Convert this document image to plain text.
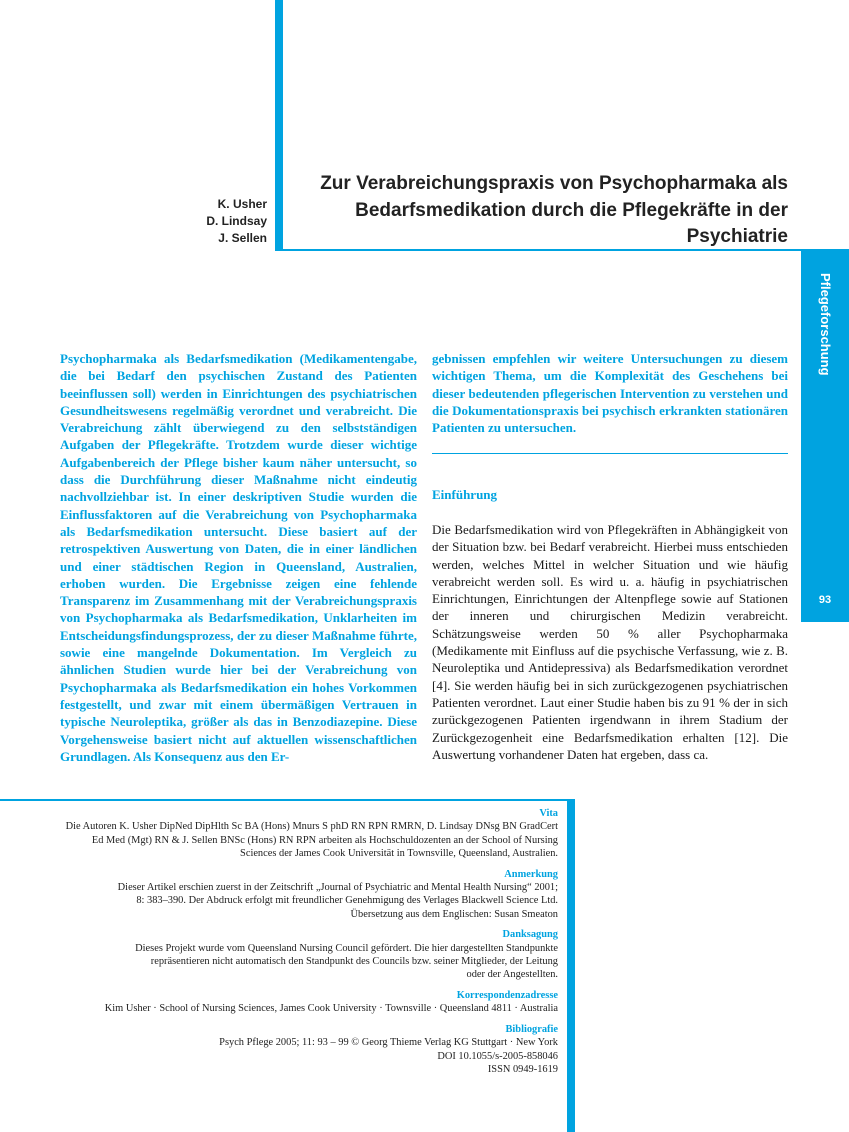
K. Usher
D. Lindsay
J. Sellen
Zur Verabreichungspraxis von Psychopharmaka als
Bedarfsmedikation durch die Pflegekräfte in der
Psychiatrie
Pflegeforschung
93
Psychopharmaka als Bedarfsmedikation (Medikamentengabe, die bei Bedarf den psychischen Zustand des Patienten beeinflussen soll) werden in Einrichtungen des psychiatrischen Gesundheitswesens regelmäßig verordnet und verabreicht. Die Verabreichung zählt überwiegend zu den selbstständigen Aufgaben der Pflegekräfte. Trotzdem wurde dieser wichtige Aufgabenbereich der Pflege bisher kaum näher untersucht, so dass die Durchführung dieser Maßnahme nicht eindeutig nachvollziehbar ist. In einer deskriptiven Studie wurden die Einflussfaktoren auf die Verabreichung von Psychopharmaka als Bedarfsmedikation untersucht. Diese basiert auf der retrospektiven Auswertung von Daten, die in einer ländlichen und einer städtischen Region in Queensland, Australien, erhoben wurden. Die Ergebnisse zeigen eine fehlende Transparenz im Zusammenhang mit der Verabreichungspraxis von Psychopharmaka als Bedarfsmedikation, Unklarheiten im Entscheidungsfindungsprozess, der zu dieser Maßnahme führte, sowie eine mangelnde Dokumentation. Im Vergleich zu ähnlichen Studien wurde hier bei der Verabreichung von Psychopharmaka als Bedarfsmedikation ein hohes Vorkommen festgestellt, und zwar mit einem übermäßigen Vertrauen in typische Neuroleptika, größer als das in Benzodiazepine. Diese Vorgehensweise basiert nicht auf aktuellen wissenschaftlichen Grundlagen. Als Konsequenz aus den Er-
gebnissen empfehlen wir weitere Untersuchungen zu diesem wichtigen Thema, um die Komplexität des Geschehens bei dieser bedeutenden pflegerischen Intervention zu verstehen und die Dokumentationspraxis bei psychisch erkrankten stationären Patienten zu untersuchen.
Einführung
Die Bedarfsmedikation wird von Pflegekräften in Abhängigkeit von der Situation bzw. bei Bedarf verabreicht. Hierbei muss entschieden werden, welches Mittel in welcher Situation und wie häufig verabreicht werden soll. Es wird u. a. häufig in psychiatrischen Einrichtungen, Einrichtungen der Altenpflege sowie auf Stationen der inneren und chirurgischen Medizin verabreicht. Schätzungsweise werden 50 % aller Psychopharmaka (Medikamente mit Einfluss auf die psychische Verfassung, wie z. B. Neuroleptika und Antidepressiva) als Bedarfsmedikation verordnet [4]. Sie werden häufig bei in sich zurückgezogenen psychiatrischen Patienten verordnet. Laut einer Studie haben bis zu 91 % der in sich zurückgezogenen Patienten irgendwann in ihrem Stadium der Zurückgezogenheit eine Bedarfsmedikation erhalten [12]. Die Auswertung vorhandener Daten hat ergeben, dass ca.
Vita
Die Autoren K. Usher DipNed DipHlth Sc BA (Hons) Mnurs S phD RN RPN RMRN, D. Lindsay DNsg BN GradCert
Ed Med (Mgt) RN & J. Sellen BNSc (Hons) RN RPN arbeiten als Hochschuldozenten an der School of Nursing
Sciences der James Cook Universität in Townsville, Queensland, Australien.
Anmerkung
Dieser Artikel erschien zuerst in der Zeitschrift „Journal of Psychiatric and Mental Health Nursing“ 2001;
8: 383–390. Der Abdruck erfolgt mit freundlicher Genehmigung des Verlages Blackwell Science Ltd.
Übersetzung aus dem Englischen: Susan Smeaton
Danksagung
Dieses Projekt wurde vom Queensland Nursing Council gefördert. Die hier dargestellten Standpunkte
repräsentieren nicht automatisch den Standpunkt des Councils bzw. seiner Mitglieder, der Leitung
oder der Angestellten.
Korrespondenzadresse
Kim Usher · School of Nursing Sciences, James Cook University · Townsville · Queensland 4811 · Australia
Bibliografie
Psych Pflege 2005; 11: 93 – 99 © Georg Thieme Verlag KG Stuttgart · New York
DOI 10.1055/s-2005-858046
ISSN 0949-1619
